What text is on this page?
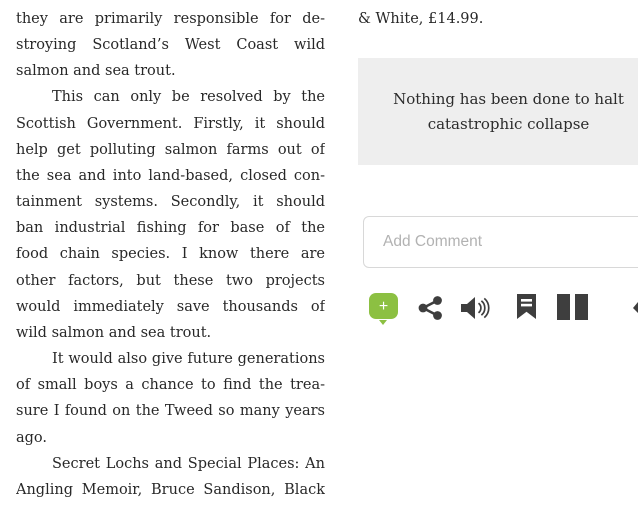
they are primarily responsible for de-
stroying Scotland’s West Coast wild
salmon and sea trout.
This can only be resolved by the
Scottish Government. Firstly, it should
help get polluting salmon farms out of
the sea and into land-based, closed con-
tainment systems. Secondly, it should
ban industrial fishing for base of the
food chain species. I know there are
other factors, but these two projects
would immediately save thousands of
wild salmon and sea trout.
It would also give future generations
of small boys a chance to find the trea-
sure I found on the Tweed so many years
ago.
Secret Lochs and Special Places: An
Angling Memoir, Bruce Sandison, Black
& White, £14.99.
Nothing has been done to halt
catastrophic collapse
Add Comment
+
